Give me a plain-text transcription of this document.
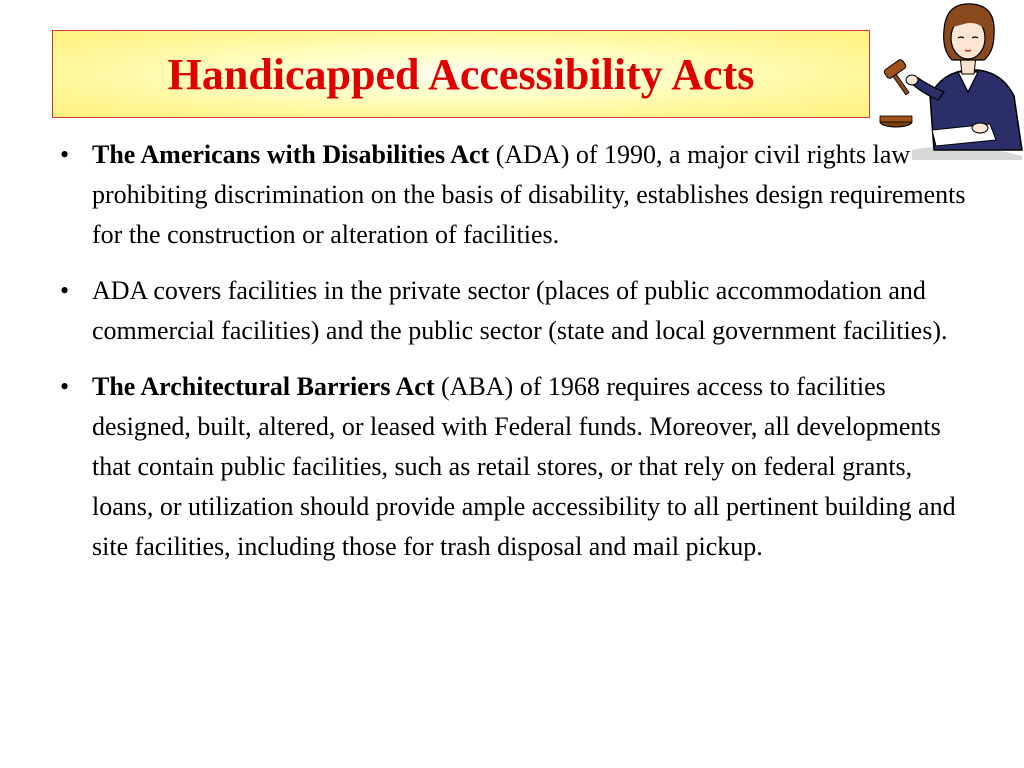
Handicapped Accessibility Acts
• The Americans with Disabilities Act (ADA) of 1990, a major civil rights law prohibiting discrimination on the basis of disability, establishes design requirements for the construction or alteration of facilities.
• ADA covers facilities in the private sector (places of public accommodation and commercial facilities) and the public sector (state and local government facilities).
• The Architectural Barriers Act (ABA) of 1968 requires access to facilities designed, built, altered, or leased with Federal funds. Moreover, all developments that contain public facilities, such as retail stores, or that rely on federal grants, loans, or utilization should provide ample accessibility to all pertinent building and site facilities, including those for trash disposal and mail pickup.
